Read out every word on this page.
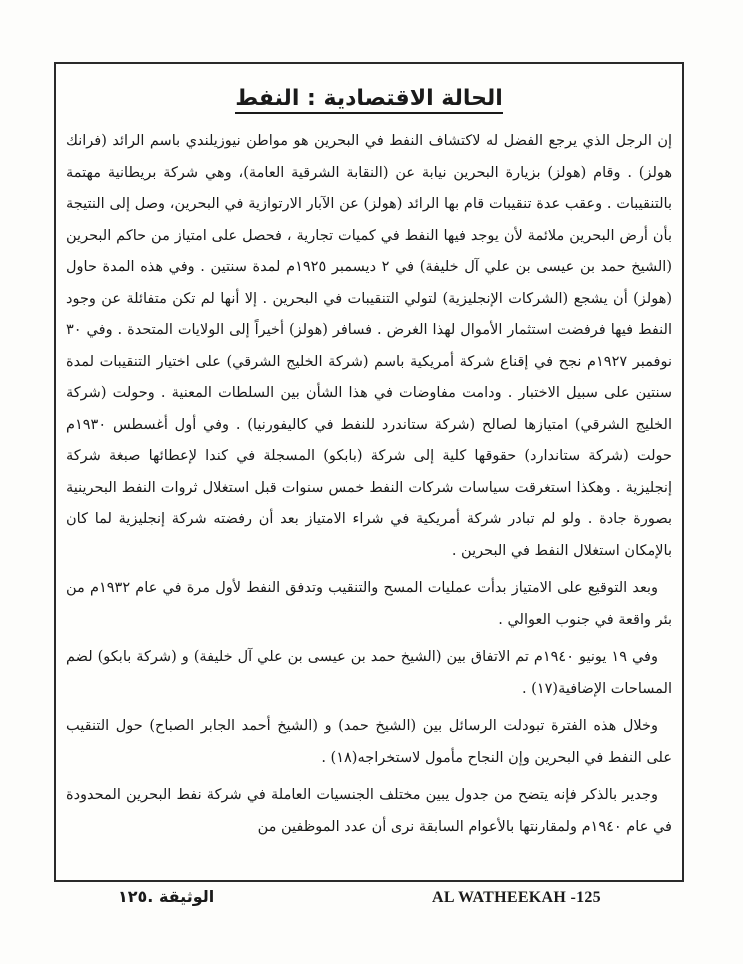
الحالة الاقتصادية : النفط

إن الرجل الذي يرجع الفضل له لاكتشاف النفط في البحرين هو مواطن نيوزيلندي باسم الرائد (فرانك هولز) . وقام (هولز) بزيارة البحرين نيابة عن (النقابة الشرقية العامة)، وهي شركة بريطانية مهتمة بالتنقيبات . وعقب عدة تنقيبات قام بها الرائد (هولز) عن الآبار الارتوازية في البحرين، وصل إلى النتيجة بأن أرض البحرين ملائمة لأن يوجد فيها النفط في كميات تجارية ، فحصل على امتياز من حاكم البحرين (الشيخ حمد بن عيسى بن علي آل خليفة) في ٢ ديسمبر ١٩٢٥م لمدة سنتين . وفي هذه المدة حاول (هولز) أن يشجع (الشركات الإنجليزية) لتولي التنقيبات في البحرين . إلا أنها لم تكن متفائلة عن وجود النفط فيها فرفضت استثمار الأموال لهذا الغرض . فسافر (هولز) أخيراً إلى الولايات المتحدة . وفي ٣٠ نوفمبر ١٩٢٧م نجح في إقناع شركة أمريكية باسم (شركة الخليج الشرقي) على اختيار التنقيبات لمدة سنتين على سبيل الاختبار . ودامت مفاوضات في هذا الشأن بين السلطات المعنية . وحولت (شركة الخليج الشرقي) امتيازها لصالح (شركة ستاندرد للنفط في كاليفورنيا) . وفي أول أغسطس ١٩٣٠م حولت (شركة ستاندارد) حقوقها كلية إلى شركة (بابكو) المسجلة في كندا لإعطائها صبغة شركة إنجليزية . وهكذا استغرقت سياسات شركات النفط خمس سنوات قبل استغلال ثروات النفط البحرينية بصورة جادة . ولو لم تبادر شركة أمريكية في شراء الامتياز بعد أن رفضته شركة إنجليزية لما كان بالإمكان استغلال النفط في البحرين .

وبعد التوقيع على الامتياز بدأت عمليات المسح والتنقيب وتدفق النفط لأول مرة في عام ١٩٣٢م من بئر واقعة في جنوب العوالي .

وفي ١٩ يونيو ١٩٤٠م تم الاتفاق بين (الشيخ حمد بن عيسى بن علي آل خليفة) و (شركة بابكو) لضم المساحات الإضافية(١٧) .

وخلال هذه الفترة تبودلت الرسائل بين (الشيخ حمد) و (الشيخ أحمد الجابر الصباح) حول التنقيب على النفط في البحرين وإن النجاح مأمول لاستخراجه(١٨) .

وجدير بالذكر فإنه يتضح من جدول يبين مختلف الجنسيات العاملة في شركة نفط البحرين المحدودة في عام ١٩٤٠م ولمقارنتها بالأعوام السابقة نرى أن عدد الموظفين من

الوثيقة .١٢٥	AL WATHEEKAH -125
